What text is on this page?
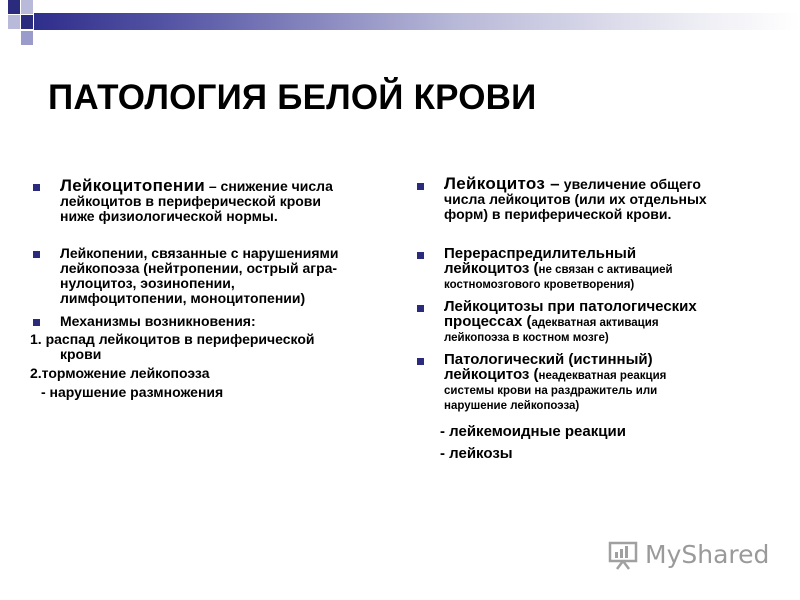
ПАТОЛОГИЯ БЕЛОЙ КРОВИ
Лейкоцитопении – снижение числа
лейкоцитов в периферической крови
ниже физиологической нормы.
Лейкопении, связанные с нарушениями
лейкопоэза (нейтропении, острый агра-
нулоцитоз, эозинопении,
лимфоцитопении, моноцитопении)
Механизмы возникновения:
1. распад лейкоцитов в периферической
крови
2.торможение лейкопоэза
- нарушение размножения
Лейкоцитоз – увеличение общего
числа лейкоцитов (или их отдельных
форм) в периферической крови.
Перераспредилительный
лейкоцитоз (не связан с активацией
костномозгового кроветворения)
Лейкоцитозы при патологических
процессах (адекватная активация
лейкопоэза в костном мозге)
Патологический (истинный)
лейкоцитоз (неадекватная реакция
системы крови на раздражитель или
нарушение лейкопоэза)
- лейкемоидные реакции
- лейкозы
MyShared
